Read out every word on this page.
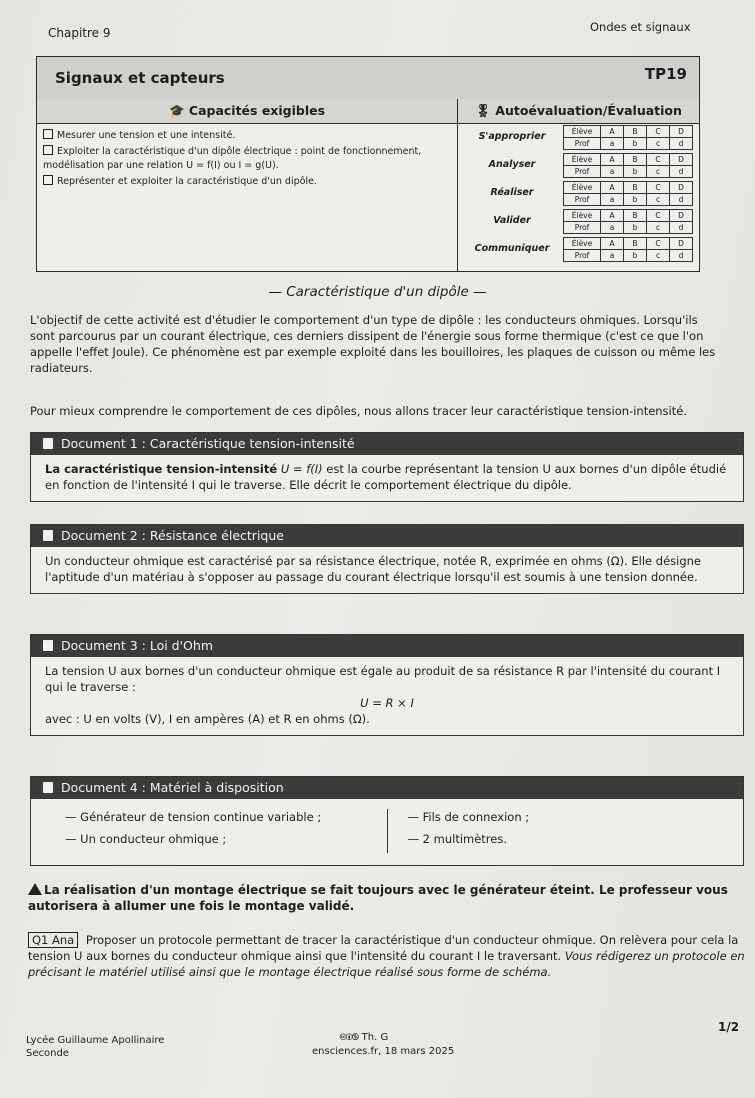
Chapitre 9	Ondes et signaux
Signaux et capteurs	TP19
🎓 Capacités exigibles	🎖 Autoévaluation/Évaluation

Mesurer une tension et une intensité.

Exploiter la caractéristique d'un dipôle électrique : point de fonctionnement, modélisation par une relation U = f(I) ou I = g(U).

Représenter et exploiter la caractéristique d'un dipôle.

S'approprier	Élève	A	B	C	D
Prof	a	b	c	d
Analyser	Élève	A	B	C	D
Prof	a	b	c	d
Réaliser	Élève	A	B	C	D
Prof	a	b	c	d
Valider	Élève	A	B	C	D
Prof	a	b	c	d
Communiquer	Élève	A	B	C	D
Prof	a	b	c	d
— Caractéristique d'un dipôle —

L'objectif de cette activité est d'étudier le comportement d'un type de dipôle : les conducteurs ohmiques. Lorsqu'ils sont parcourus par un courant électrique, ces derniers dissipent de l'énergie sous forme thermique (c'est ce que l'on appelle l'effet Joule). Ce phénomène est par exemple exploité dans les bouilloires, les plaques de cuisson ou même les radiateurs.

Pour mieux comprendre le comportement de ces dipôles, nous allons tracer leur caractéristique tension-intensité.

Document 1 : Caractéristique tension-intensité

La caractéristique tension-intensité U = f(I) est la courbe représentant la tension U aux bornes d'un dipôle étudié en fonction de l'intensité I qui le traverse. Elle décrit le comportement électrique du dipôle.

Document 2 : Résistance électrique

Un conducteur ohmique est caractérisé par sa résistance électrique, notée R, exprimée en ohms (Ω). Elle désigne l'aptitude d'un matériau à s'opposer au passage du courant électrique lorsqu'il est soumis à une tension donnée.

Document 3 : Loi d'Ohm

La tension U aux bornes d'un conducteur ohmique est égale au produit de sa résistance R par l'intensité du courant I qui le traverse :

U = R × I

avec : U en volts (V), I en ampères (A) et R en ohms (Ω).

Document 4 : Matériel à disposition

— Générateur de tension continue variable ;

— Un conducteur ohmique ;

— Fils de connexion ;

— 2 multimètres.

La réalisation d'un montage électrique se fait toujours avec le générateur éteint. Le professeur vous autorisera à allumer une fois le montage validé.
Q1 Ana Proposer un protocole permettant de tracer la caractéristique d'un conducteur ohmique. On relèvera pour cela la tension U aux bornes du conducteur ohmique ainsi que l'intensité du courant I le traversant. Vous rédigerez un protocole en précisant le matériel utilisé ainsi que le montage électrique réalisé sous forme de schéma.
Lycée Guillaume Apollinaire
Seconde
🅭🅯🄏 Th. G
ensciences.fr, 18 mars 2025
1/2
